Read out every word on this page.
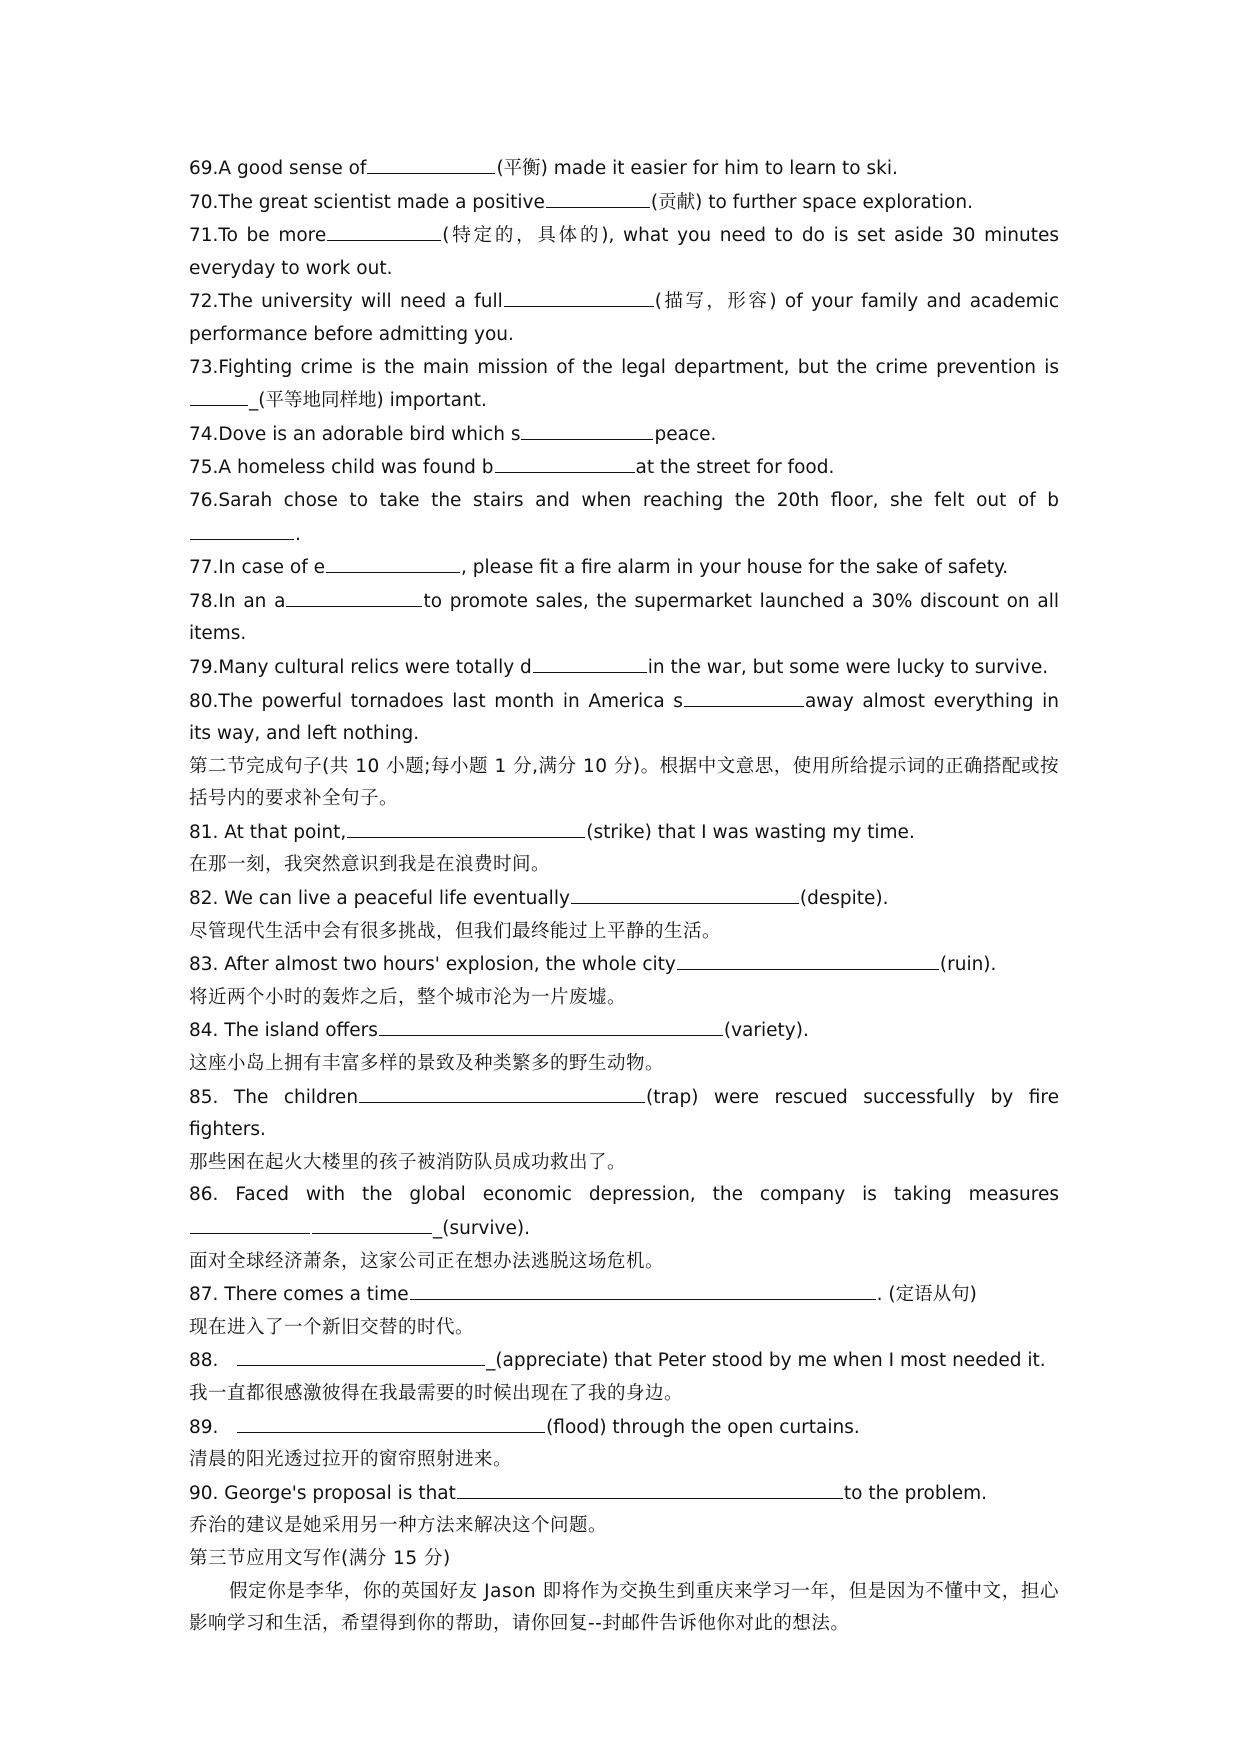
69.A good sense of	(平衡) made it easier for him to learn to ski.

70.The great scientist made a positive	(贡献) to further space exploration.

71.To be more	(特定的，具体的), what you need to do is set aside 30 minutes everyday to work out.

72.The university will need a full	(描写，形容) of your family and academic performance before admitting you.

73.Fighting crime is the main mission of the legal department, but the crime prevention is_(平等地同样地) important.

74.Dove is an adorable bird which s	peace.

75.A homeless child was found b	at the street for food.

76.Sarah chose to take the stairs and when reaching the 20th floor, she felt out of b.

77.In case of e	, please fit a fire alarm in your house for the sake of safety.

78.In an a	to promote sales, the supermarket launched a 30% discount on all items.

79.Many cultural relics were totally d	in the war, but some were lucky to survive.

80.The powerful tornadoes last month in America s	away almost everything in its way, and left nothing.

第二节完成句子(共 10 小题;每小题 1 分,满分 10 分)。根据中文意思，使用所给提示词的正确搭配或按括号内的要求补全句子。

81. At that point,	(strike) that I was wasting my time.

在那一刻，我突然意识到我是在浪费时间。

82. We can live a peaceful life eventually	(despite).

尽管现代生活中会有很多挑战，但我们最终能过上平静的生活。

83. After almost two hours' explosion, the whole city	(ruin).

将近两个小时的轰炸之后，整个城市沦为一片废墟。

84. The island offers	(variety).

这座小岛上拥有丰富多样的景致及种类繁多的野生动物。

85. The children	(trap) were rescued successfully by fire fighters.

那些困在起火大楼里的孩子被消防队员成功救出了。

86. Faced with the global economic depression, the company is taking measures_(survive).

面对全球经济萧条，这家公司正在想办法逃脱这场危机。

87. There comes a time	. (定语从句)

现在进入了一个新旧交替的时代。

88.	_(appreciate) that Peter stood by me when I most needed it.

我一直都很感激彼得在我最需要的时候出现在了我的身边。

89.	(flood) through the open curtains.

清晨的阳光透过拉开的窗帘照射进来。

90. George's proposal is that	to the problem.

乔治的建议是她采用另一种方法来解决这个问题。

第三节应用文写作(满分 15 分)

假定你是李华，你的英国好友 Jason 即将作为交换生到重庆来学习一年，但是因为不懂中文，担心影响学习和生活，希望得到你的帮助，请你回复--封邮件告诉他你对此的想法。
